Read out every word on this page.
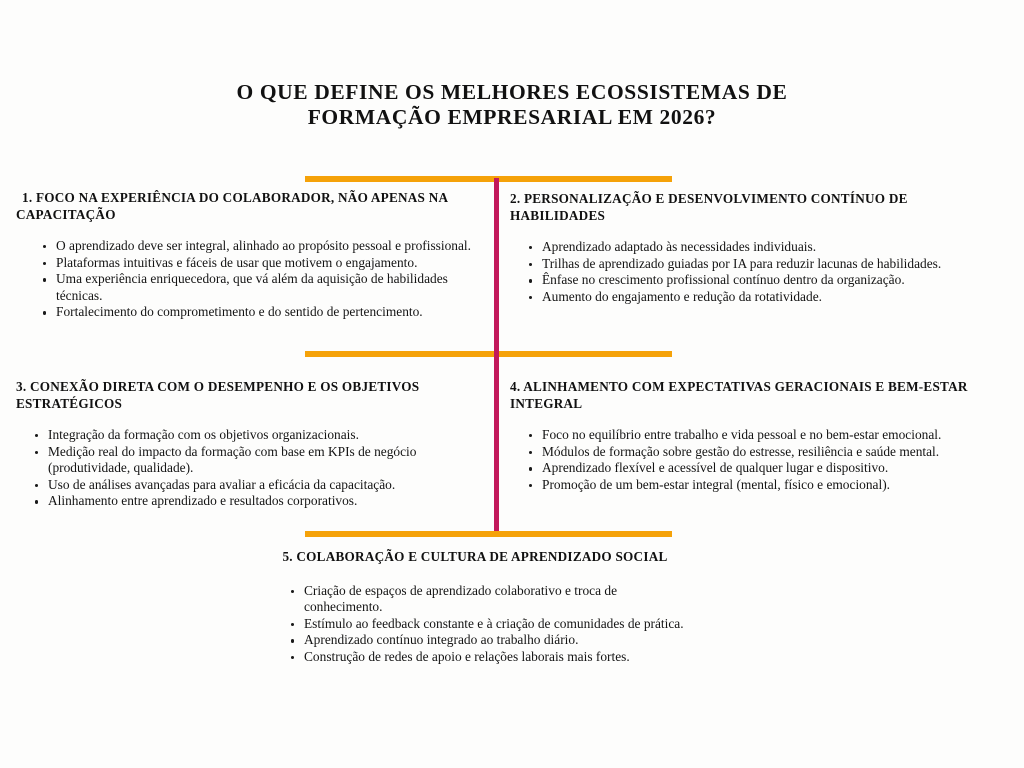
O QUE DEFINE OS MELHORES ECOSSISTEMAS DE
FORMAÇÃO EMPRESARIAL EM 2026?

1. FOCO NA EXPERIÊNCIA DO COLABORADOR, NÃO APENAS NA CAPACITAÇÃO

O aprendizado deve ser integral, alinhado ao propósito pessoal e profissional.
Plataformas intuitivas e fáceis de usar que motivem o engajamento.
Uma experiência enriquecedora, que vá além da aquisição de habilidades técnicas.
Fortalecimento do comprometimento e do sentido de pertencimento.

2. PERSONALIZAÇÃO E DESENVOLVIMENTO CONTÍNUO DE HABILIDADES

Aprendizado adaptado às necessidades individuais.
Trilhas de aprendizado guiadas por IA para reduzir lacunas de habilidades.
Ênfase no crescimento profissional contínuo dentro da organização.
Aumento do engajamento e redução da rotatividade.

3. CONEXÃO DIRETA COM O DESEMPENHO E OS OBJETIVOS ESTRATÉGICOS

Integração da formação com os objetivos organizacionais.
Medição real do impacto da formação com base em KPIs de negócio (produtividade, qualidade).
Uso de análises avançadas para avaliar a eficácia da capacitação.
Alinhamento entre aprendizado e resultados corporativos.

4. ALINHAMENTO COM EXPECTATIVAS GERACIONAIS E BEM-ESTAR INTEGRAL

Foco no equilíbrio entre trabalho e vida pessoal e no bem-estar emocional.
Módulos de formação sobre gestão do estresse, resiliência e saúde mental.
Aprendizado flexível e acessível de qualquer lugar e dispositivo.
Promoção de um bem-estar integral (mental, físico e emocional).

5. COLABORAÇÃO E CULTURA DE APRENDIZADO SOCIAL

Criação de espaços de aprendizado colaborativo e troca de conhecimento.
Estímulo ao feedback constante e à criação de comunidades de prática.
Aprendizado contínuo integrado ao trabalho diário.
Construção de redes de apoio e relações laborais mais fortes.
